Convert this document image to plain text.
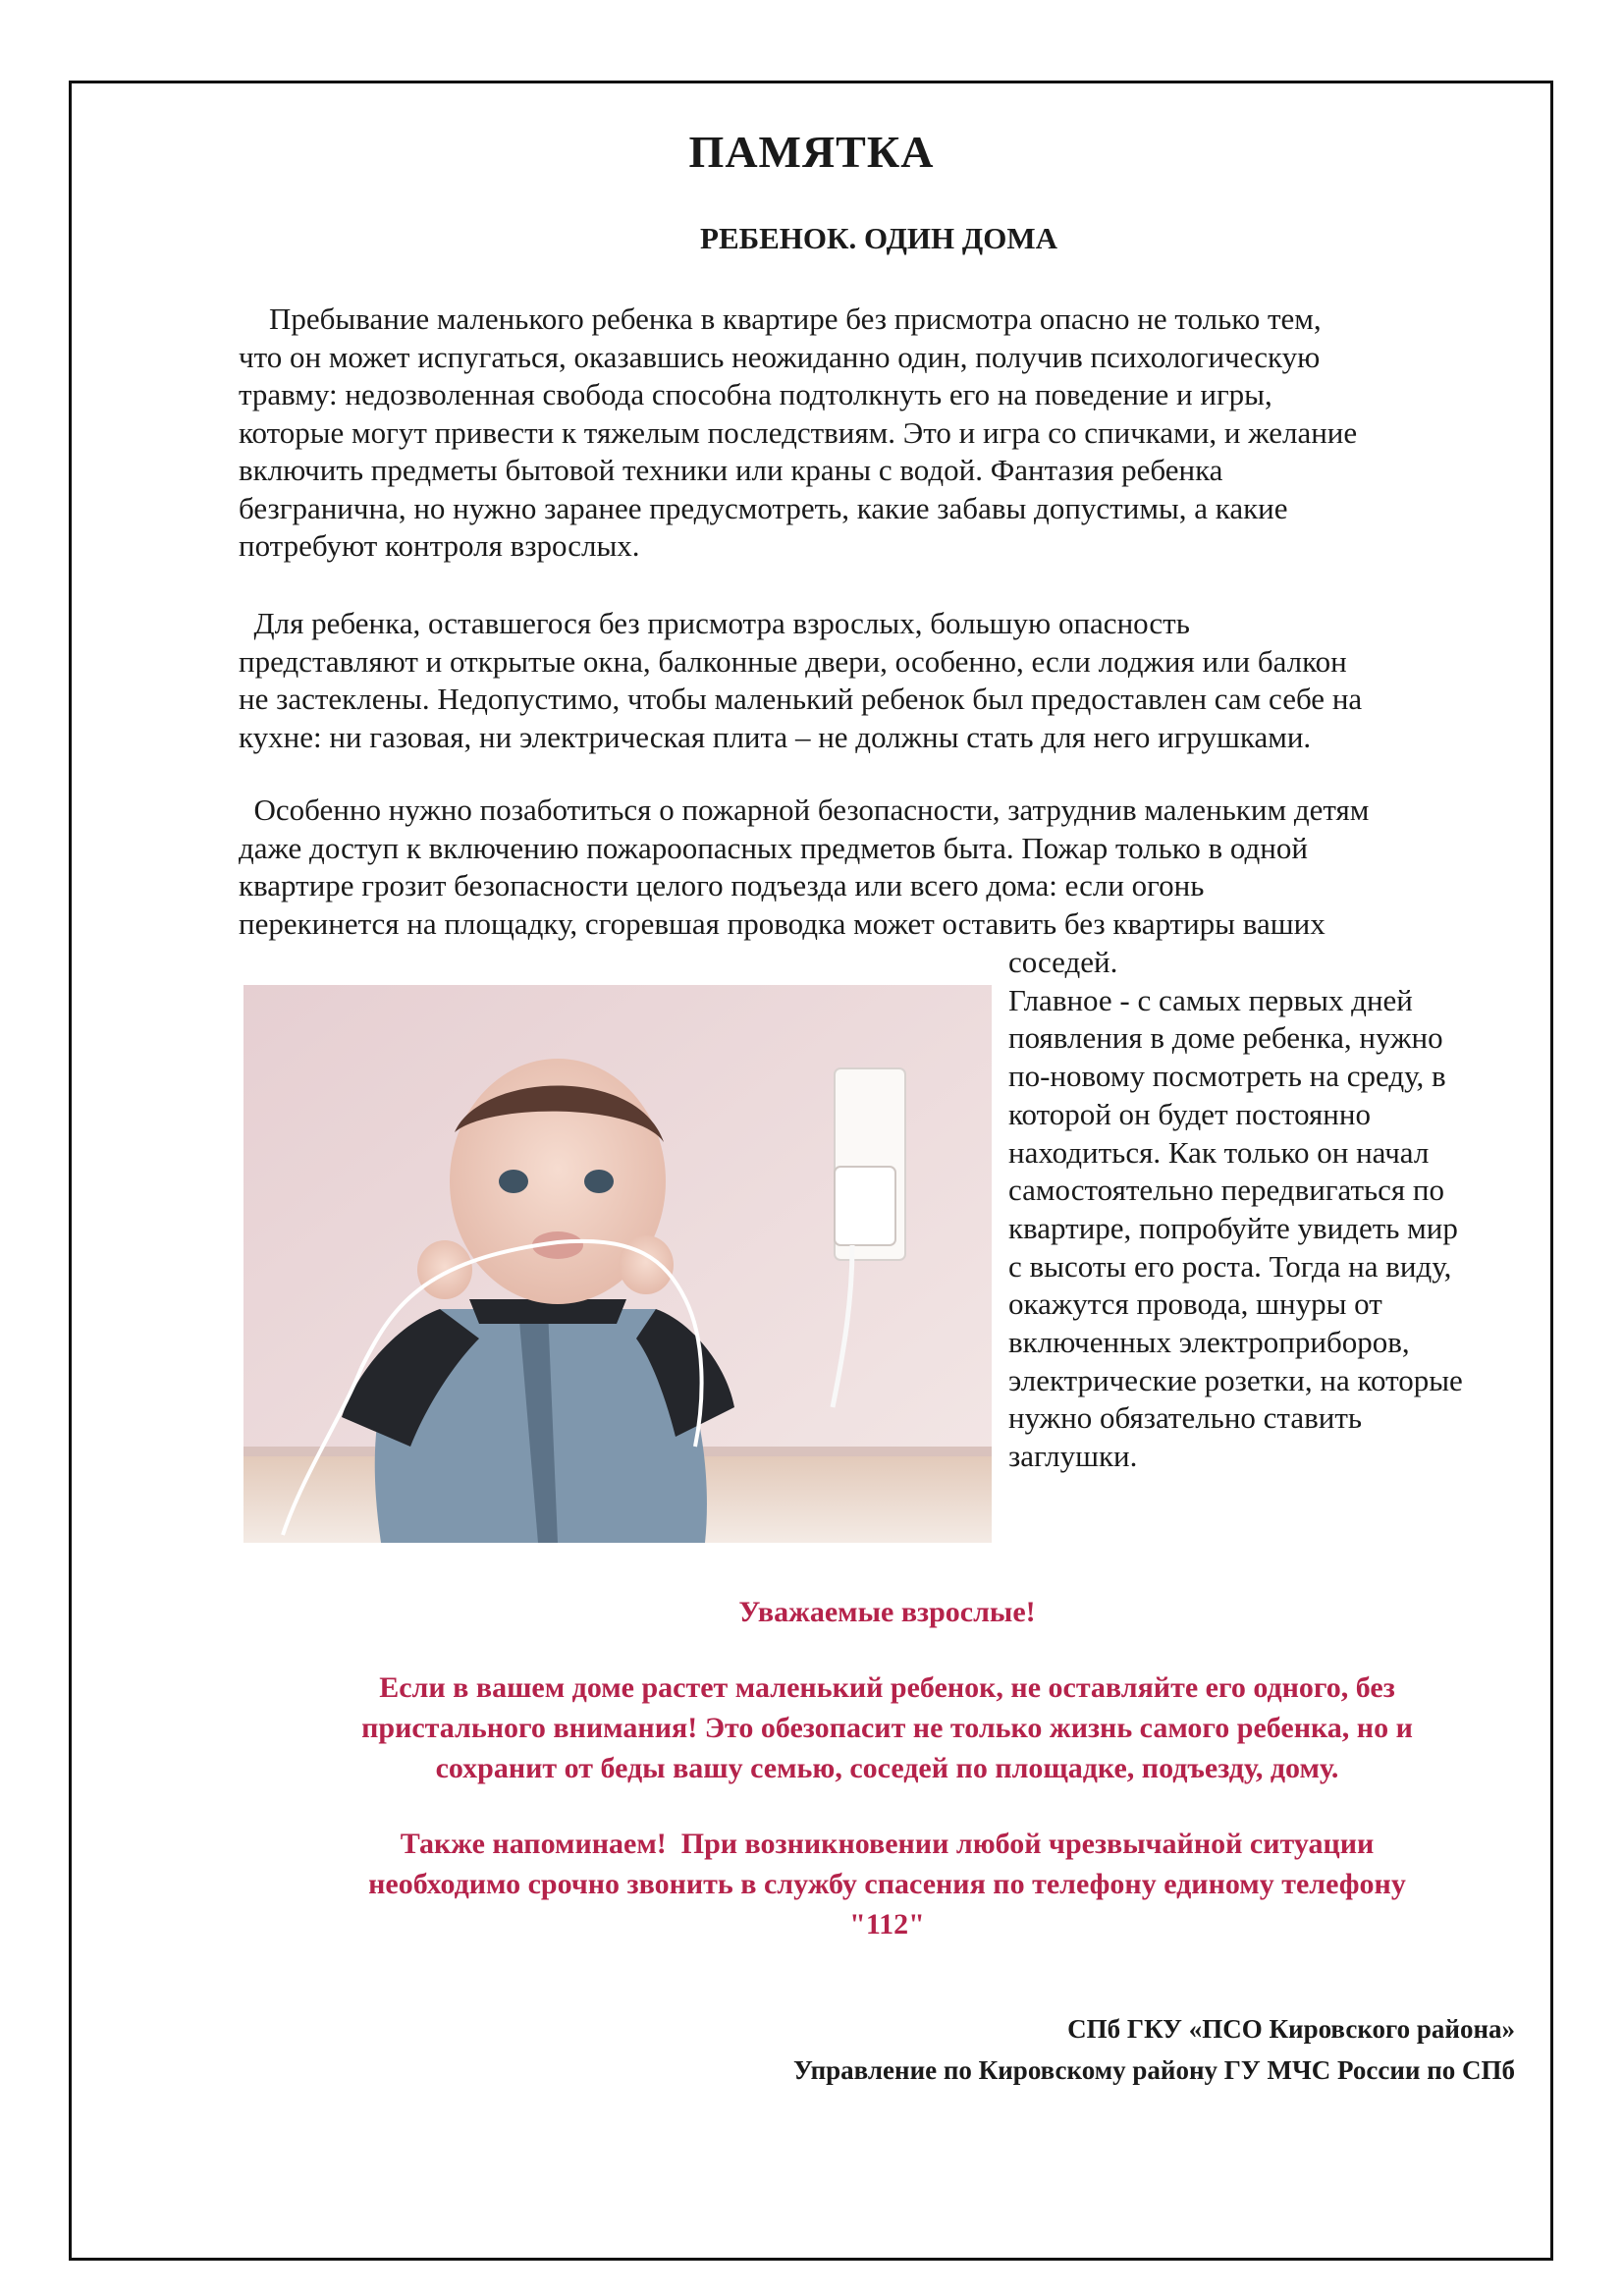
ПАМЯТКА
РЕБЕНОК. ОДИН ДОМА
Пребывание маленького ребенка в квартире без присмотра опасно не только тем,
что он может испугаться, оказавшись неожиданно один, получив психологическую
травму: недозволенная свобода способна подтолкнуть его на поведение и игры,
которые могут привести к тяжелым последствиям. Это и игра со спичками, и желание
включить предметы бытовой техники или краны с водой. Фантазия ребенка
безгранична, но нужно заранее предусмотреть, какие забавы допустимы, а какие
потребуют контроля взрослых.
Для ребенка, оставшегося без присмотра взрослых, большую опасность
представляют и открытые окна, балконные двери, особенно, если лоджия или балкон
не застеклены. Недопустимо, чтобы маленький ребенок был предоставлен сам себе на
кухне: ни газовая, ни электрическая плита – не должны стать для него игрушками.
Особенно нужно позаботиться о пожарной безопасности, затруднив маленьким детям
даже доступ к включению пожароопасных предметов быта. Пожар только в одной
квартире грозит безопасности целого подъезда или всего дома: если огонь
перекинется на площадку, сгоревшая проводка может оставить без квартиры ваших
соседей.
Главное - с самых первых дней
появления в доме ребенка, нужно
по-новому посмотреть на среду, в
которой он будет постоянно
находиться. Как только он начал
самостоятельно передвигаться по
квартире, попробуйте увидеть мир
с высоты его роста. Тогда на виду,
окажутся провода, шнуры от
включенных электроприборов,
электрические розетки, на которые
нужно обязательно ставить
заглушки.
Уважаемые взрослые!
Если в вашем доме растет маленький ребенок, не оставляйте его одного, без
пристального внимания! Это обезопасит не только жизнь самого ребенка, но и
сохранит от беды вашу семью, соседей по площадке, подъезду, дому.
Также напоминаем!  При возникновении любой чрезвычайной ситуации
необходимо срочно звонить в службу спасения по телефону единому телефону
"112"
СПб ГКУ «ПСО Кировского района»
Управление по Кировскому району ГУ МЧС России по СПб
